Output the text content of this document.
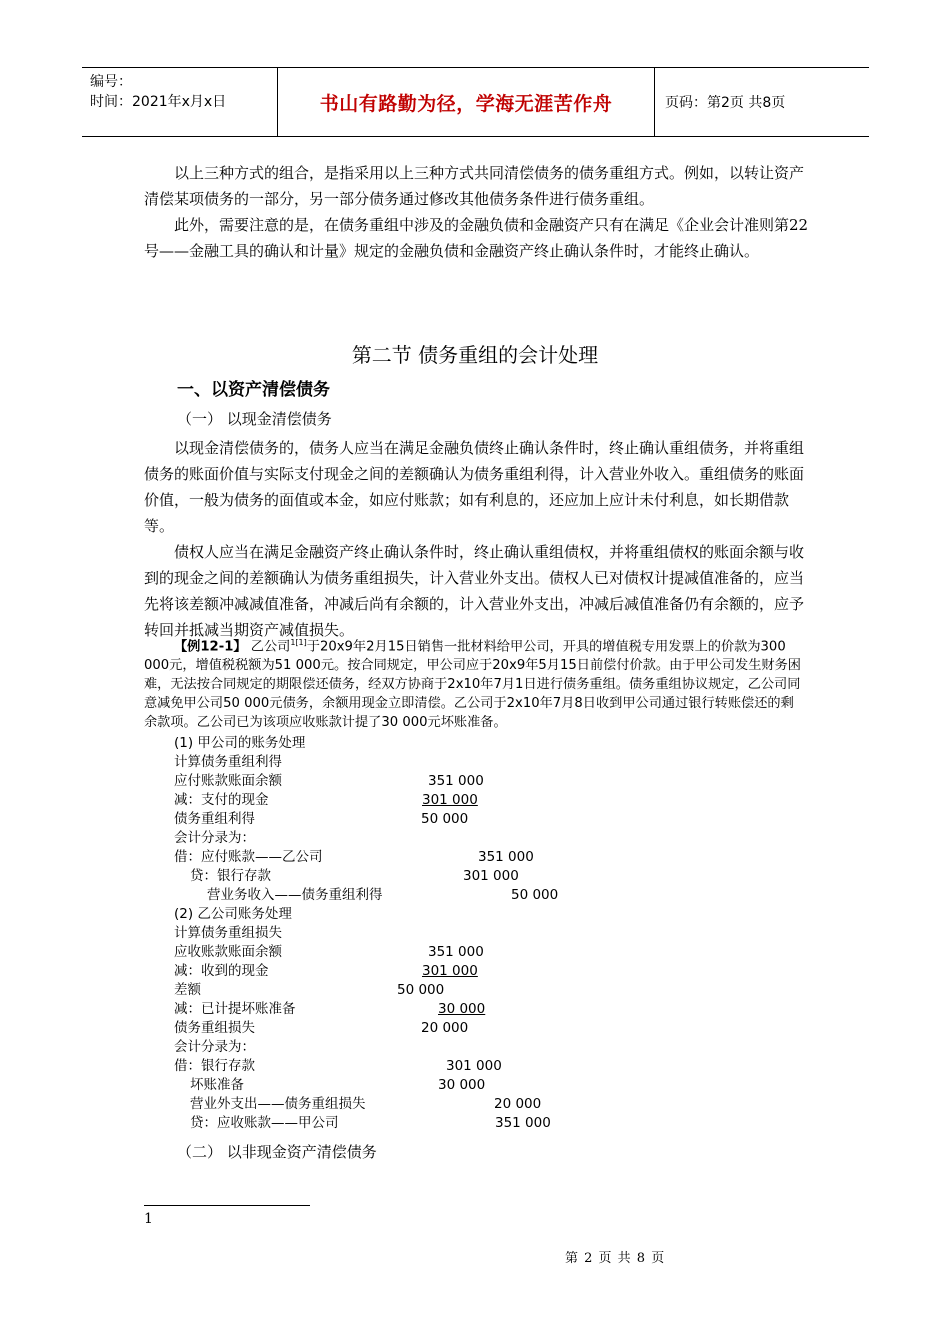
编号：
时间：2021年x月x日	书山有路勤为径，学海无涯苦作舟	页码：第2页 共8页

以上三种方式的组合，是指采用以上三种方式共同清偿债务的债务重组方式。例如，以转让资产清偿某项债务的一部分，另一部分债务通过修改其他债务条件进行债务重组。

此外，需要注意的是，在债务重组中涉及的金融负债和金融资产只有在满足《企业会计准则第22号——金融工具的确认和计量》规定的金融负债和金融资产终止确认条件时，才能终止确认。

第二节 债务重组的会计处理
一、以资产清偿债务
（一） 以现金清偿债务

以现金清偿债务的，债务人应当在满足金融负债终止确认条件时，终止确认重组债务，并将重组债务的账面价值与实际支付现金之间的差额确认为债务重组利得，计入营业外收入。重组债务的账面价值，一般为债务的面值或本金，如应付账款；如有利息的，还应加上应计未付利息，如长期借款等。

债权人应当在满足金融资产终止确认条件时，终止确认重组债权，并将重组债权的账面余额与收到的现金之间的差额确认为债务重组损失，计入营业外支出。债权人已对债权计提减值准备的，应当先将该差额冲减减值准备，冲减后尚有余额的，计入营业外支出，冲减后减值准备仍有余额的，应予转回并抵减当期资产减值损失。

【例12-1】 乙公司$^{1[1]}$于20x9年2月15日销售一批材料给甲公司，开具的增值税专用发票上的价款为300 000元，增值税税额为51 000元。按合同规定，甲公司应于20x9年5月15日前偿付价款。由于甲公司发生财务困难，无法按合同规定的期限偿还债务，经双方协商于2x10年7月1日进行债务重组。债务重组协议规定，乙公司同意减免甲公司50 000元债务，余额用现金立即清偿。乙公司于2x10年7月8日收到甲公司通过银行转账偿还的剩余款项。乙公司已为该项应收账款计提了30 000元坏账准备。

(1) 甲公司的账务处理
计算债务重组利得
应付账款账面余额	351 000
减：支付的现金	301 000
债务重组利得	50 000
会计分录为：
借：应付账款——乙公司	351 000
贷：银行存款	301 000
营业务收入——债务重组利得	50 000
(2) 乙公司账务处理
计算债务重组损失
应收账款账面余额	351 000
减：收到的现金	301 000
差额	50 000
减：已计提坏账准备	30 000
债务重组损失	20 000
会计分录为：
借：银行存款	301 000
坏账准备	30 000
营业外支出——债务重组损失	20 000
贷：应收账款——甲公司	351 000
（二） 以非现金资产清偿债务
1
第 2 页 共 8 页
